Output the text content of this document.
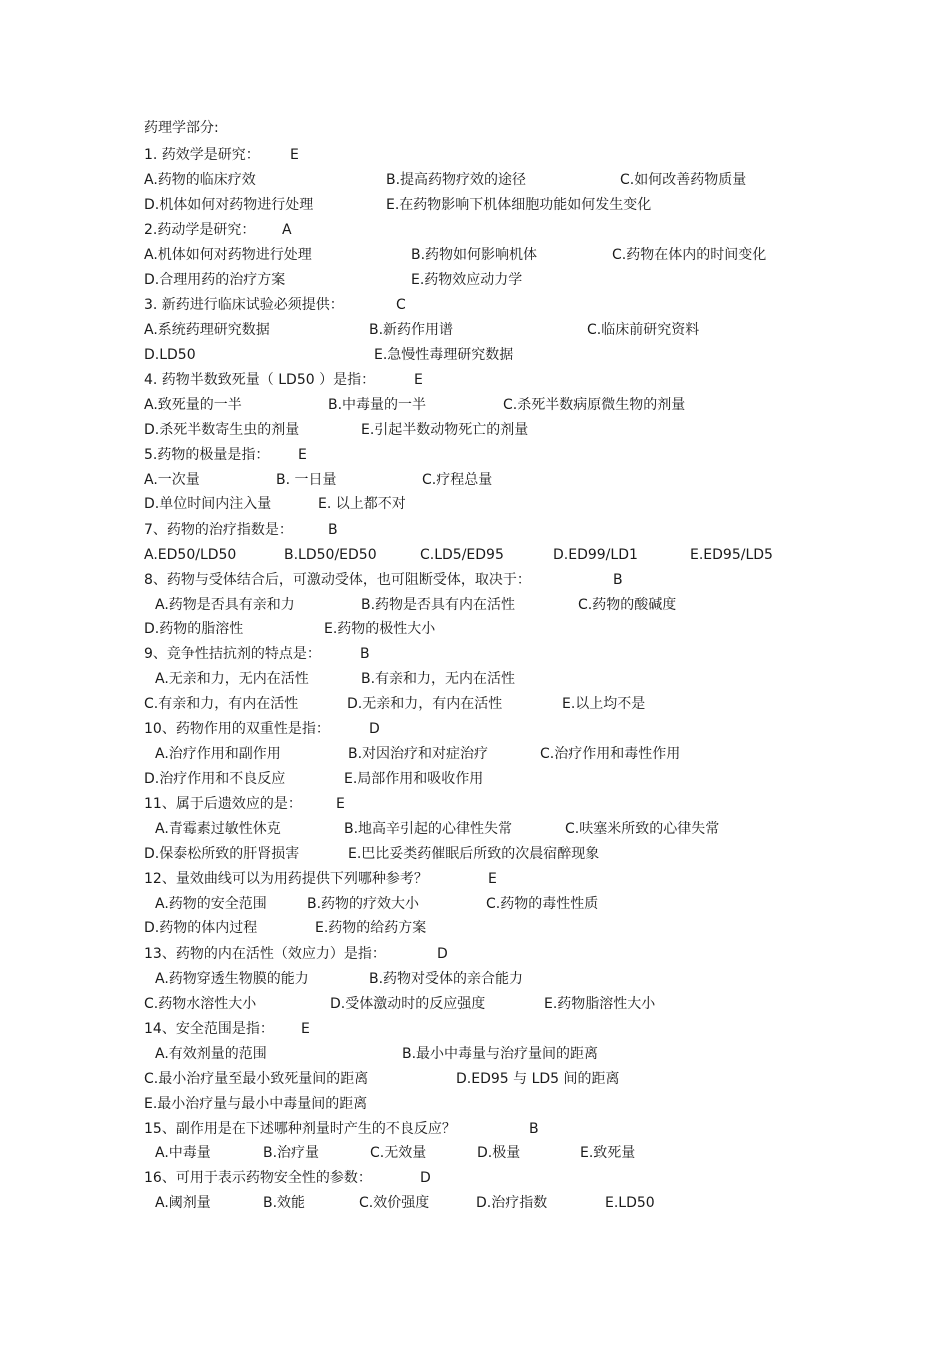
药理学部分:
1. 药效学是研究： E
A.药物的临床疗效	B.提高药物疗效的途径	C.如何改善药物质量
D.机体如何对药物进行处理	E.在药物影响下机体细胞功能如何发生变化
2.药动学是研究： A
A.机体如何对药物进行处理	B.药物如何影响机体	C.药物在体内的时间变化
D.合理用药的治疗方案	E.药物效应动力学
3. 新药进行临床试验必须提供：	C
A.系统药理研究数据	B.新药作用谱	C.临床前研究资料
D.LD50	E.急慢性毒理研究数据
4. 药物半数致死量（ LD50 ）是指：	E
A.致死量的一半	B.中毒量的一半	C.杀死半数病原微生物的剂量
D.杀死半数寄生虫的剂量	E.引起半数动物死亡的剂量
5.药物的极量是指： E
A.一次量	B. 一日量	C.疗程总量
D.单位时间内注入量	E. 以上都不对
7、药物的治疗指数是：	B
A.ED50/LD50	B.LD50/ED50	C.LD5/ED95	D.ED99/LD1	E.ED95/LD5
8、药物与受体结合后，可激动受体，也可阻断受体，取决于：	B
A.药物是否具有亲和力	B.药物是否具有内在活性	C.药物的酸碱度
D.药物的脂溶性	E.药物的极性大小
9、竞争性拮抗剂的特点是：	B
A.无亲和力，无内在活性	B.有亲和力，无内在活性
C.有亲和力，有内在活性	D.无亲和力，有内在活性	E.以上均不是
10、药物作用的双重性是指：	D
A.治疗作用和副作用	B.对因治疗和对症治疗	C.治疗作用和毒性作用
D.治疗作用和不良反应	E.局部作用和吸收作用
11、属于后遗效应的是： E
A.青霉素过敏性休克	B.地高辛引起的心律性失常	C.呋塞米所致的心律失常
D.保泰松所致的肝肾损害	E.巴比妥类药催眠后所致的次晨宿醉现象
12、量效曲线可以为用药提供下列哪种参考？	E
A.药物的安全范围	B.药物的疗效大小	C.药物的毒性性质
D.药物的体内过程	E.药物的给药方案
13、药物的内在活性（效应力）是指：	D
A.药物穿透生物膜的能力	B.药物对受体的亲合能力
C.药物水溶性大小	D.受体激动时的反应强度	E.药物脂溶性大小
14、安全范围是指： E
A.有效剂量的范围	B.最小中毒量与治疗量间的距离
C.最小治疗量至最小致死量间的距离	D.ED95 与 LD5 间的距离
E.最小治疗量与最小中毒量间的距离
15、副作用是在下述哪种剂量时产生的不良反应？	B
A.中毒量	B.治疗量	C.无效量	D.极量	E.致死量
16、可用于表示药物安全性的参数：	D
A.阈剂量	B.效能	C.效价强度	D.治疗指数	E.LD50
